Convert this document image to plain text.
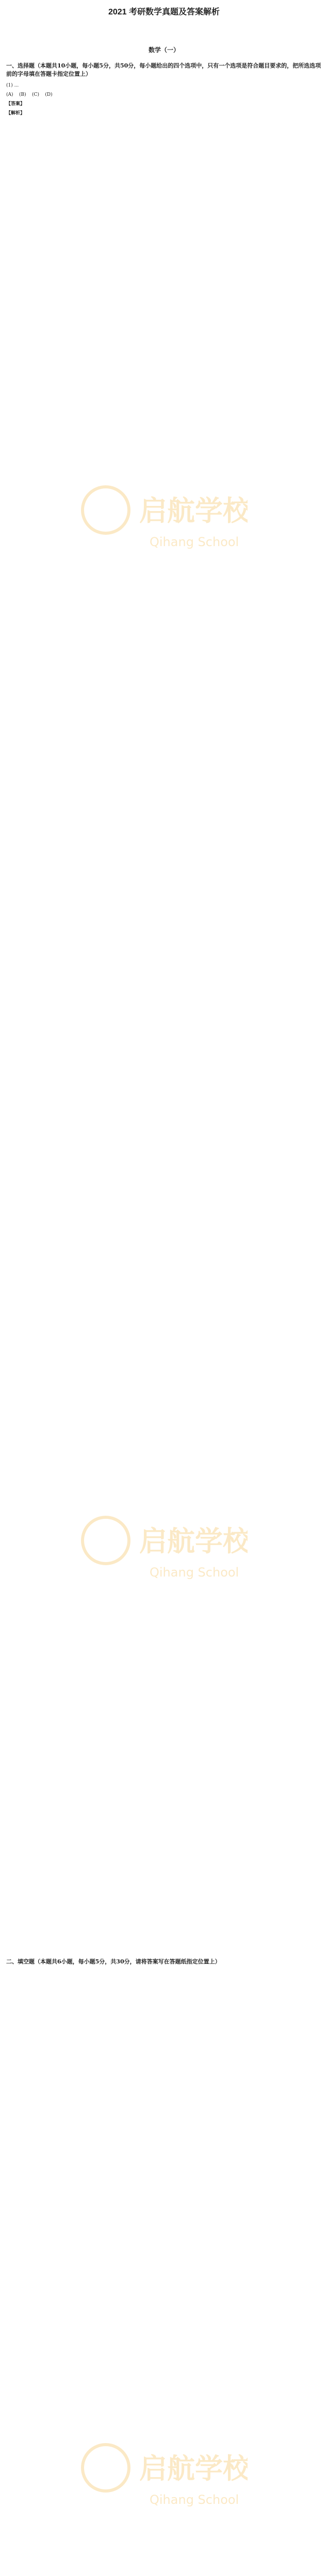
2021 考研数学真题及答案解析
数学（一）
一、选择题（本题共10小题，每小题5分，共50分，每小题给出的四个选项中，只有一个选项是符合题目要求的，把所选选项前的字母填在答题卡指定位置上）
(1) ...
(A)    (B)    (C)    (D)
【答案】
【解析】
启航学校
Qihang School
启航学校
Qihang School
二、填空题（本题共6小题，每小题5分，共30分，请将答案写在答题纸指定位置上）
启航学校
Qihang School
